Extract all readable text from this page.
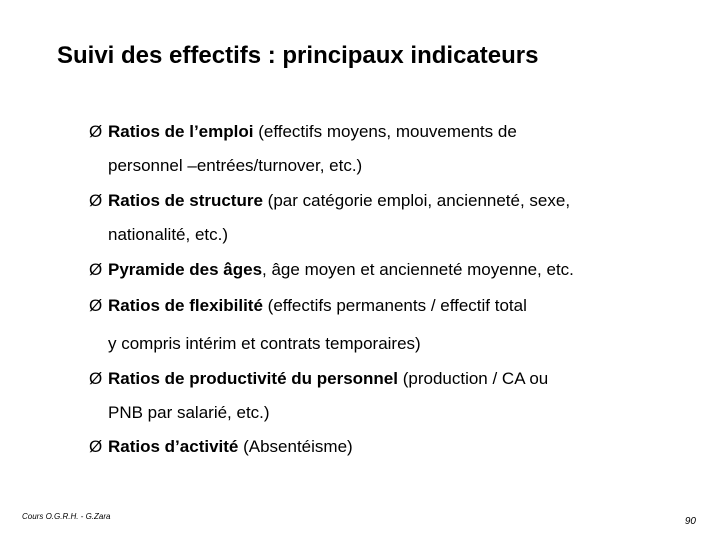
Suivi des effectifs : principaux indicateurs
Ø Ratios de l’emploi (effectifs moyens, mouvements de
personnel –entrées/turnover, etc.)
Ø Ratios de structure (par catégorie emploi, ancienneté, sexe,
nationalité, etc.)
Ø Pyramide des âges, âge moyen et ancienneté moyenne, etc.
Ø Ratios de flexibilité (effectifs permanents / effectif total
y compris intérim et contrats temporaires)
Ø Ratios de productivité du personnel (production / CA ou
PNB par salarié, etc.)
Ø Ratios d’activité (Absentéisme)
Cours O.G.R.H. - G.Zara	90
